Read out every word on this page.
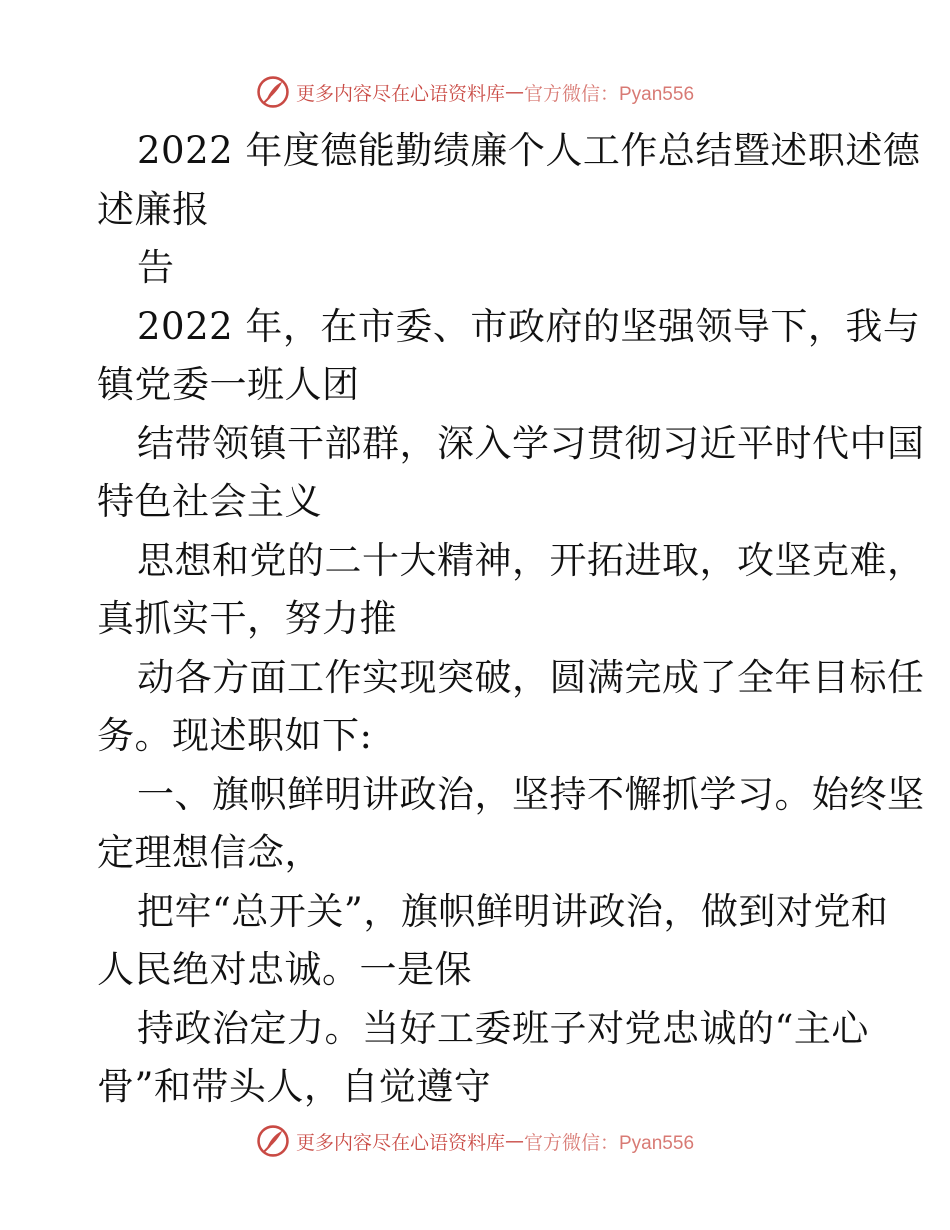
更多内容尽在心语资料库 — 官方微信：Pyan556
2022 年度德能勤绩廉个人工作总结暨述职述德
述廉报
告
2022 年，在市委、市政府的坚强领导下，我与
镇党委一班人团
结带领镇干部群，深入学习贯彻习近平时代中国
特色社会主义
思想和党的二十大精神，开拓进取，攻坚克难，
真抓实干，努力推
动各方面工作实现突破，圆满完成了全年目标任
务。现述职如下:
一、旗帜鲜明讲政治，坚持不懈抓学习。始终坚
定理想信念，
把牢“总开关”，旗帜鲜明讲政治，做到对党和
人民绝对忠诚。一是保
持政治定力。当好工委班子对党忠诚的“主心
骨”和带头人，自觉遵守
更多内容尽在心语资料库 — 官方微信：Pyan556
